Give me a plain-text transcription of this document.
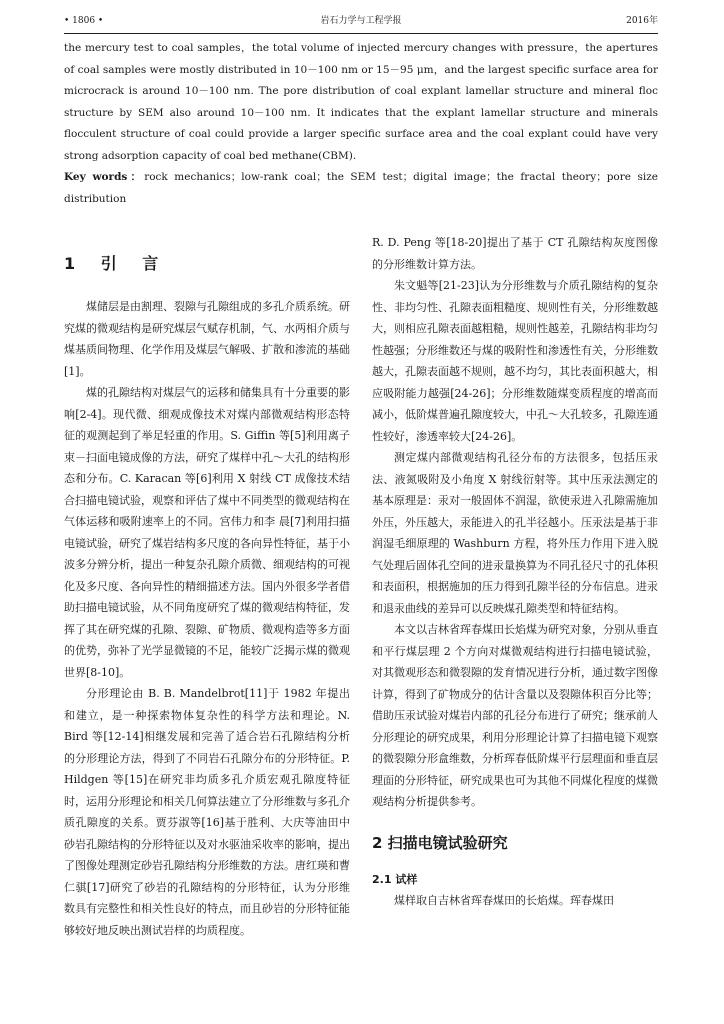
• 1806 •	岩石力学与工程学报	2016年

the mercury test to coal samples，the total volume of injected mercury changes with pressure，the apertures of coal samples were mostly distributed in 10－100 nm or 15－95 μm，and the largest specific surface area for microcrack is around 10－100 nm. The pore distribution of coal explant lamellar structure and mineral floc structure by SEM also around 10－100 nm. It indicates that the explant lamellar structure and minerals flocculent structure of coal could provide a larger specific surface area and the coal explant could have very strong adsorption capacity of coal bed methane(CBM).

Key words：rock mechanics；low-rank coal；the SEM test；digital image；the fractal theory；pore size distribution

1 引 言

煤储层是由割理、裂隙与孔隙组成的多孔介质系统。研究煤的微观结构是研究煤层气赋存机制，气、水两相介质与煤基质间物理、化学作用及煤层气解吸、扩散和渗流的基础[1]。

煤的孔隙结构对煤层气的运移和储集具有十分重要的影响[2-4]。现代微、细观成像技术对煤内部微观结构形态特征的观测起到了举足轻重的作用。S. Giffin 等[5]利用离子束－扫面电镜成像的方法，研究了煤样中孔～大孔的结构形态和分布。C. Karacan 等[6]利用 X 射线 CT 成像技术结合扫描电镜试验，观察和评估了煤中不同类型的微观结构在气体运移和吸附速率上的不同。宫伟力和李 晨[7]利用扫描电镜试验，研究了煤岩结构多尺度的各向异性特征，基于小波多分辨分析，提出一种复杂孔隙介质微、细观结构的可视化及多尺度、各向异性的精细描述方法。国内外很多学者借助扫描电镜试验，从不同角度研究了煤的微观结构特征，发挥了其在研究煤的孔隙、裂隙、矿物质、微观构造等多方面的优势，弥补了光学显微镜的不足，能较广泛揭示煤的微观世界[8-10]。

分形理论由 B. B. Mandelbrot[11]于 1982 年提出和建立，是一种探索物体复杂性的科学方法和理论。N. Bird 等[12-14]相继发展和完善了适合岩石孔隙结构分析的分形理论方法，得到了不同岩石孔隙分布的分形特征。P. Hildgen 等[15]在研究非均质多孔介质宏观孔隙度特征时，运用分形理论和相关几何算法建立了分形维数与多孔介质孔隙度的关系。贾芬淑等[16]基于胜利、大庆等油田中砂岩孔隙结构的分形特征以及对水驱油采收率的影响，提出了图像处理测定砂岩孔隙结构分形维数的方法。唐红瑛和曹仁骐[17]研究了砂岩的孔隙结构的分形特征，认为分形维数具有完整性和相关性良好的特点，而且砂岩的分形特征能够较好地反映出测试岩样的均质程度。

R. D. Peng 等[18-20]提出了基于 CT 孔隙结构灰度图像的分形维数计算方法。

朱文魁等[21-23]认为分形维数与介质孔隙结构的复杂性、非均匀性、孔隙表面粗糙度、规则性有关，分形维数越大，则相应孔隙表面越粗糙，规则性越差，孔隙结构非均匀性越强；分形维数还与煤的吸附性和渗透性有关，分形维数越大，孔隙表面越不规则，越不均匀，其比表面积越大，相应吸附能力越强[24-26]；分形维数随煤变质程度的增高而减小，低阶煤普遍孔隙度较大，中孔～大孔较多，孔隙连通性较好，渗透率较大[24-26]。

测定煤内部微观结构孔径分布的方法很多，包括压汞法、液氮吸附及小角度 X 射线衍射等。其中压汞法测定的基本原理是：汞对一般固体不润湿，欲使汞进入孔隙需施加外压，外压越大，汞能进入的孔半径越小。压汞法是基于非润湿毛细原理的 Washburn 方程，将外压力作用下进入脱气处理后固体孔空间的进汞量换算为不同孔径尺寸的孔体积和表面积，根据施加的压力得到孔隙半径的分布信息。进汞和退汞曲线的差异可以反映煤孔隙类型和特征结构。

本文以吉林省珲春煤田长焰煤为研究对象，分别从垂直和平行煤层理 2 个方向对煤微观结构进行扫描电镜试验，对其微观形态和微裂隙的发育情况进行分析，通过数字图像计算，得到了矿物成分的估计含量以及裂隙体积百分比等；借助压汞试验对煤岩内部的孔径分布进行了研究；继承前人分形理论的研究成果，利用分形理论计算了扫描电镜下观察的微裂隙分形盒维数，分析珲春低阶煤平行层理面和垂直层理面的分形特征，研究成果也可为其他不同煤化程度的煤微观结构分析提供参考。

2 扫描电镜试验研究
2.1 试样

煤样取自吉林省珲春煤田的长焰煤。珲春煤田
